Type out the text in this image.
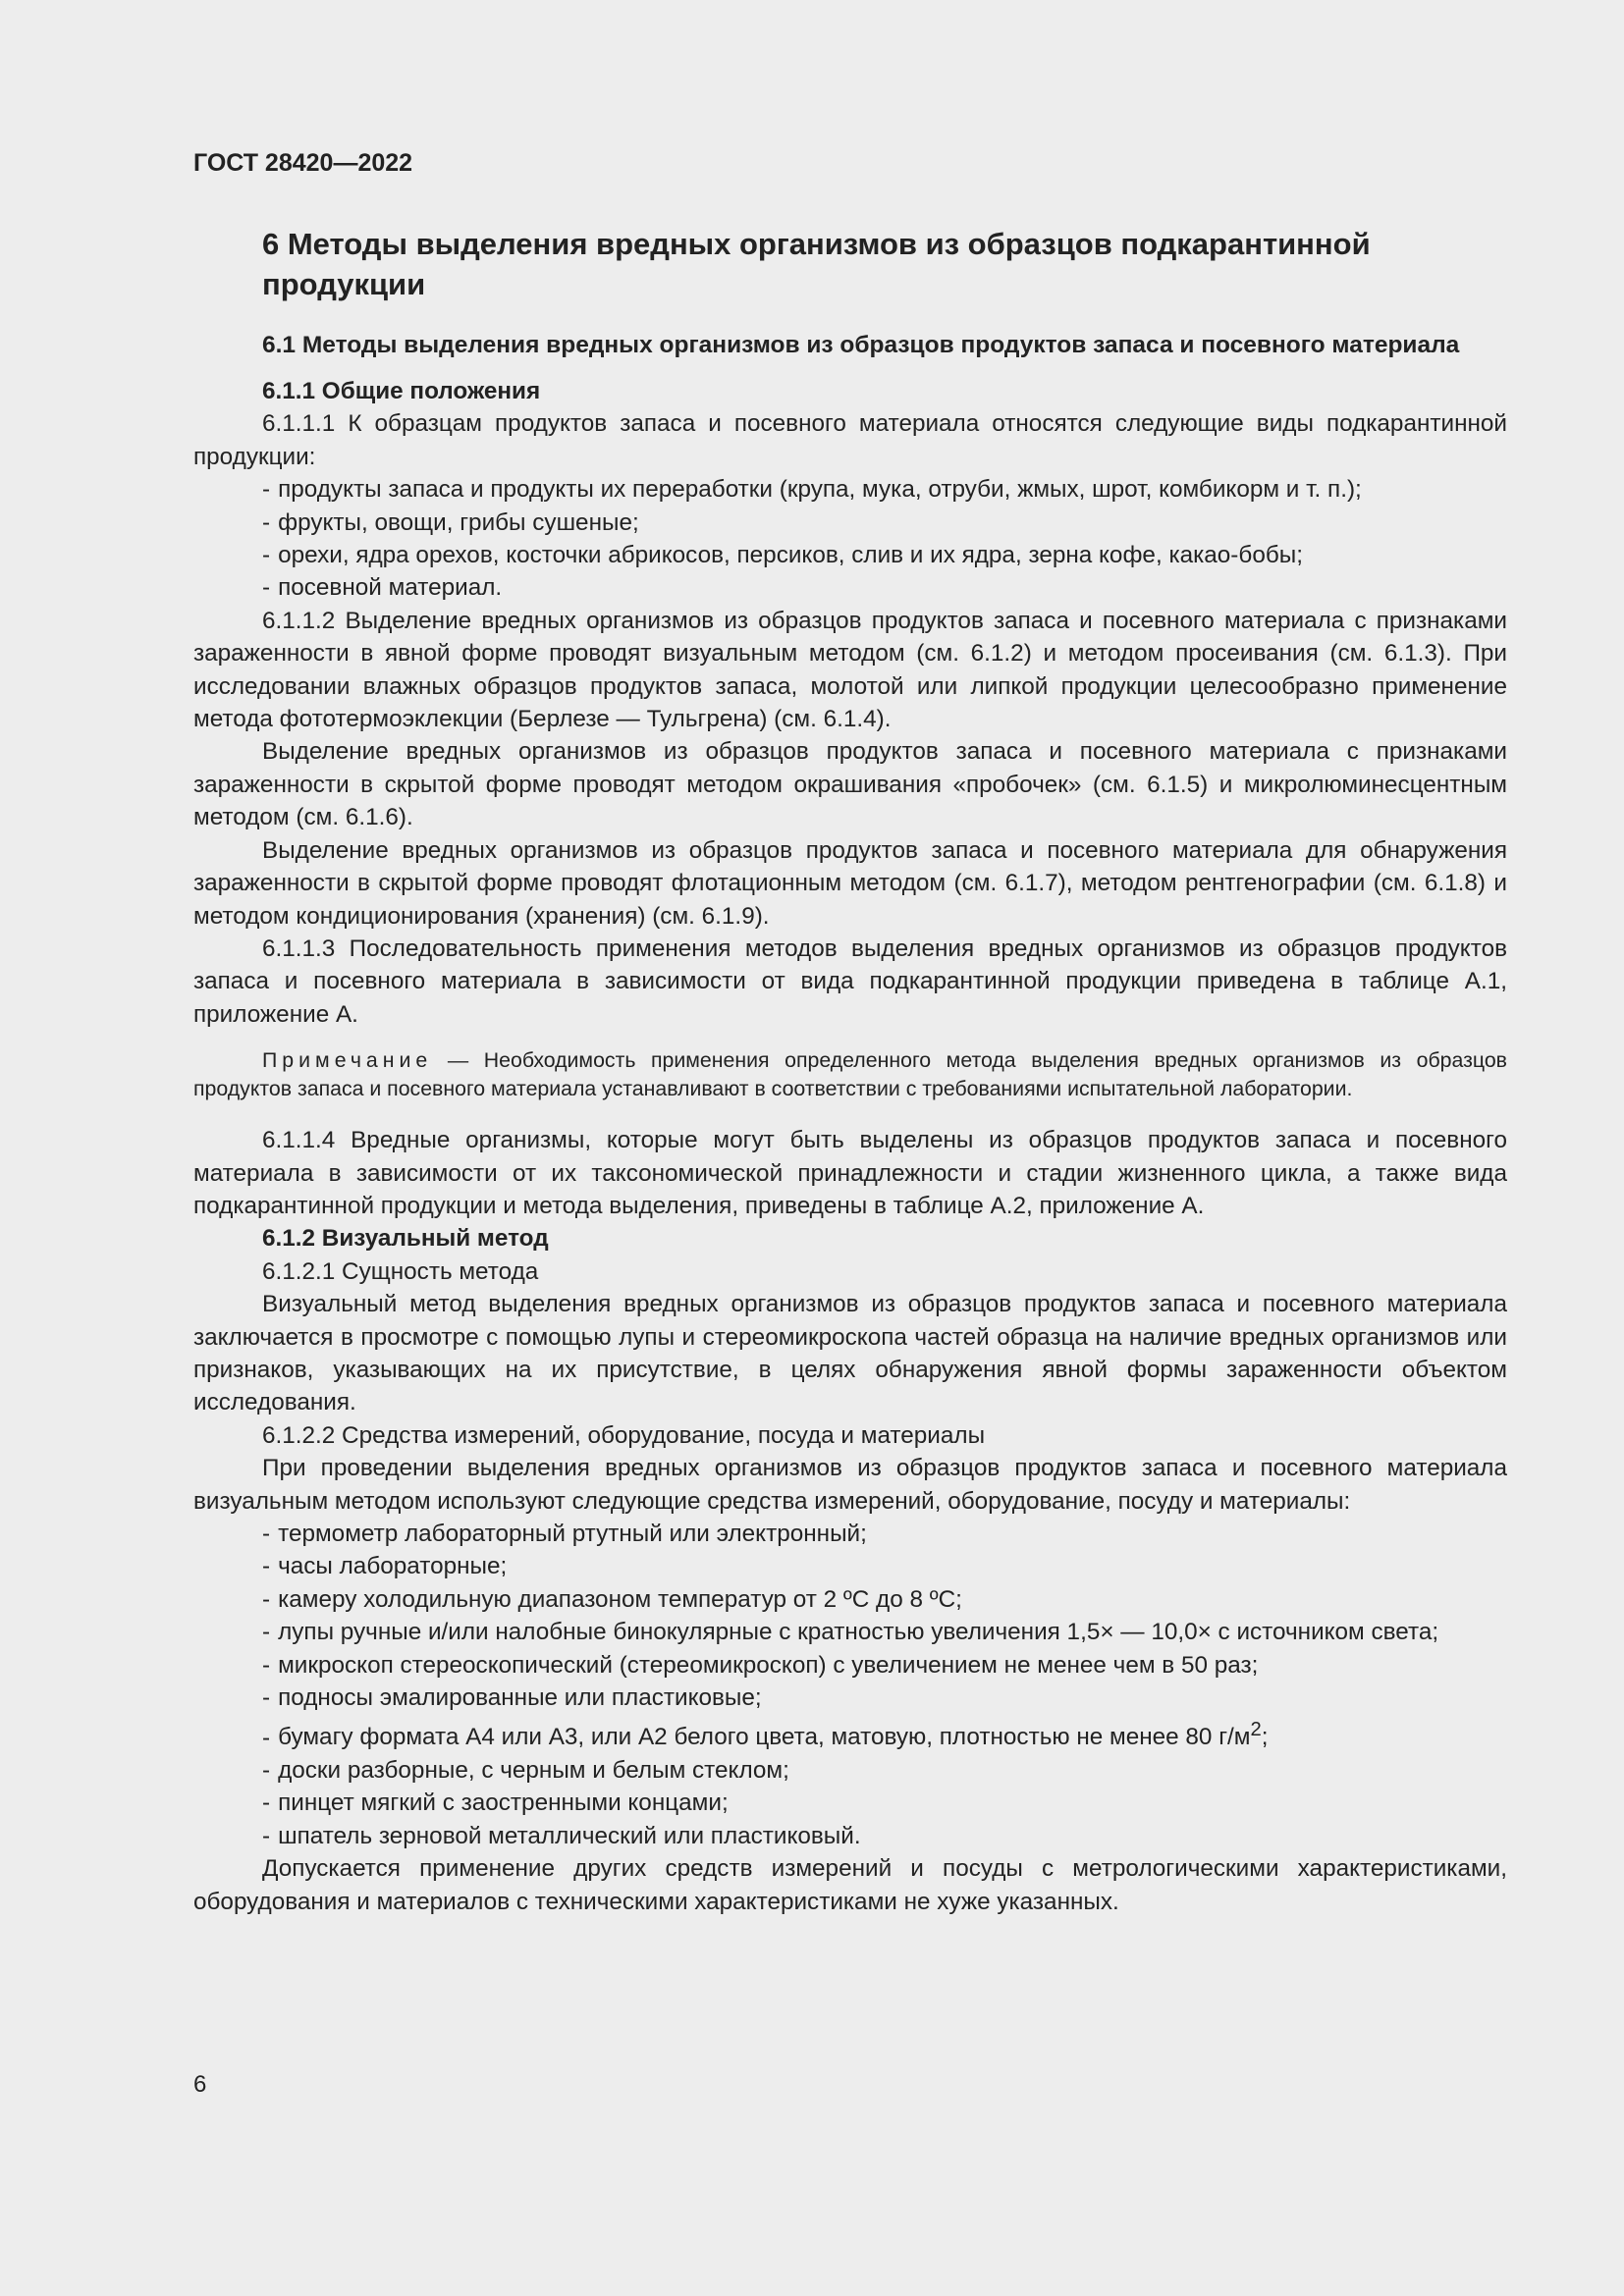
ГОСТ 28420—2022

6 Методы выделения вредных организмов из образцов подкарантинной продукции

6.1 Методы выделения вредных организмов из образцов продуктов запаса и посевного материала

6.1.1 Общие положения

6.1.1.1 К образцам продуктов запаса и посевного материала относятся следующие виды подкарантинной продукции:

- продукты запаса и продукты их переработки (крупа, мука, отруби, жмых, шрот, комбикорм и т. п.);

- фрукты, овощи, грибы сушеные;

- орехи, ядра орехов, косточки абрикосов, персиков, слив и их ядра, зерна кофе, какао-бобы;

- посевной материал.

6.1.1.2 Выделение вредных организмов из образцов продуктов запаса и посевного материала с признаками зараженности в явной форме проводят визуальным методом (см. 6.1.2) и методом просеивания (см. 6.1.3). При исследовании влажных образцов продуктов запаса, молотой или липкой продукции целесообразно применение метода фототермоэклекции (Берлезе — Тульгрена) (см. 6.1.4).

Выделение вредных организмов из образцов продуктов запаса и посевного материала с признаками зараженности в скрытой форме проводят методом окрашивания «пробочек» (см. 6.1.5) и микролюминесцентным методом (см. 6.1.6).

Выделение вредных организмов из образцов продуктов запаса и посевного материала для обнаружения зараженности в скрытой форме проводят флотационным методом (см. 6.1.7), методом рентгенографии (см. 6.1.8) и методом кондиционирования (хранения) (см. 6.1.9).

6.1.1.3 Последовательность применения методов выделения вредных организмов из образцов продуктов запаса и посевного материала в зависимости от вида подкарантинной продукции приведена в таблице А.1, приложение А.

Примечание — Необходимость применения определенного метода выделения вредных организмов из образцов продуктов запаса и посевного материала устанавливают в соответствии с требованиями испытательной лаборатории.

6.1.1.4 Вредные организмы, которые могут быть выделены из образцов продуктов запаса и посевного материала в зависимости от их таксономической принадлежности и стадии жизненного цикла, а также вида подкарантинной продукции и метода выделения, приведены в таблице А.2, приложение А.

6.1.2 Визуальный метод

6.1.2.1 Сущность метода

Визуальный метод выделения вредных организмов из образцов продуктов запаса и посевного материала заключается в просмотре с помощью лупы и стереомикроскопа частей образца на наличие вредных организмов или признаков, указывающих на их присутствие, в целях обнаружения явной формы зараженности объектом исследования.

6.1.2.2 Средства измерений, оборудование, посуда и материалы

При проведении выделения вредных организмов из образцов продуктов запаса и посевного материала визуальным методом используют следующие средства измерений, оборудование, посуду и материалы:

- термометр лабораторный ртутный или электронный;

- часы лабораторные;

- камеру холодильную диапазоном температур от 2 ºС до 8 ºС;

- лупы ручные и/или налобные бинокулярные с кратностью увеличения 1,5× — 10,0× с источником света;

- микроскоп стереоскопический (стереомикроскоп) с увеличением не менее чем в 50 раз;

- подносы эмалированные или пластиковые;

- бумагу формата А4 или А3, или А2 белого цвета, матовую, плотностью не менее 80 $г/м^2$;

- доски разборные, с черным и белым стеклом;

- пинцет мягкий с заостренными концами;

- шпатель зерновой металлический или пластиковый.

Допускается применение других средств измерений и посуды с метрологическими характеристиками, оборудования и материалов с техническими характеристиками не хуже указанных.

6
